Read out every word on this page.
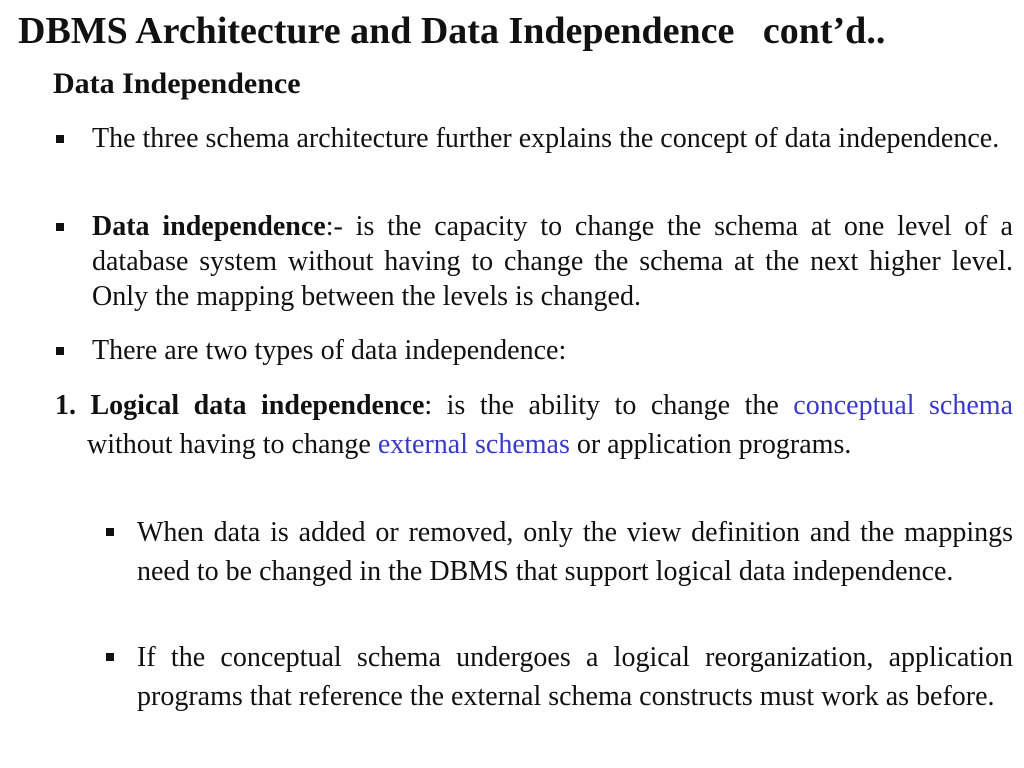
DBMS Architecture and Data Independence   cont’d..
Data Independence
The three schema architecture further explains the concept of data independence.
Data independence:- is the capacity to change the schema at one level of a database system without having to change the schema at the next higher level. Only the mapping between the levels is changed.
There are two types of data independence:
1. Logical data independence: is the ability to change the conceptual schema without having to change external schemas or application programs.
When data is added or removed, only the view definition and the mappings need to be changed in the DBMS that support logical data independence.
If the conceptual schema undergoes a logical reorganization, application programs that reference the external schema constructs must work as before.
